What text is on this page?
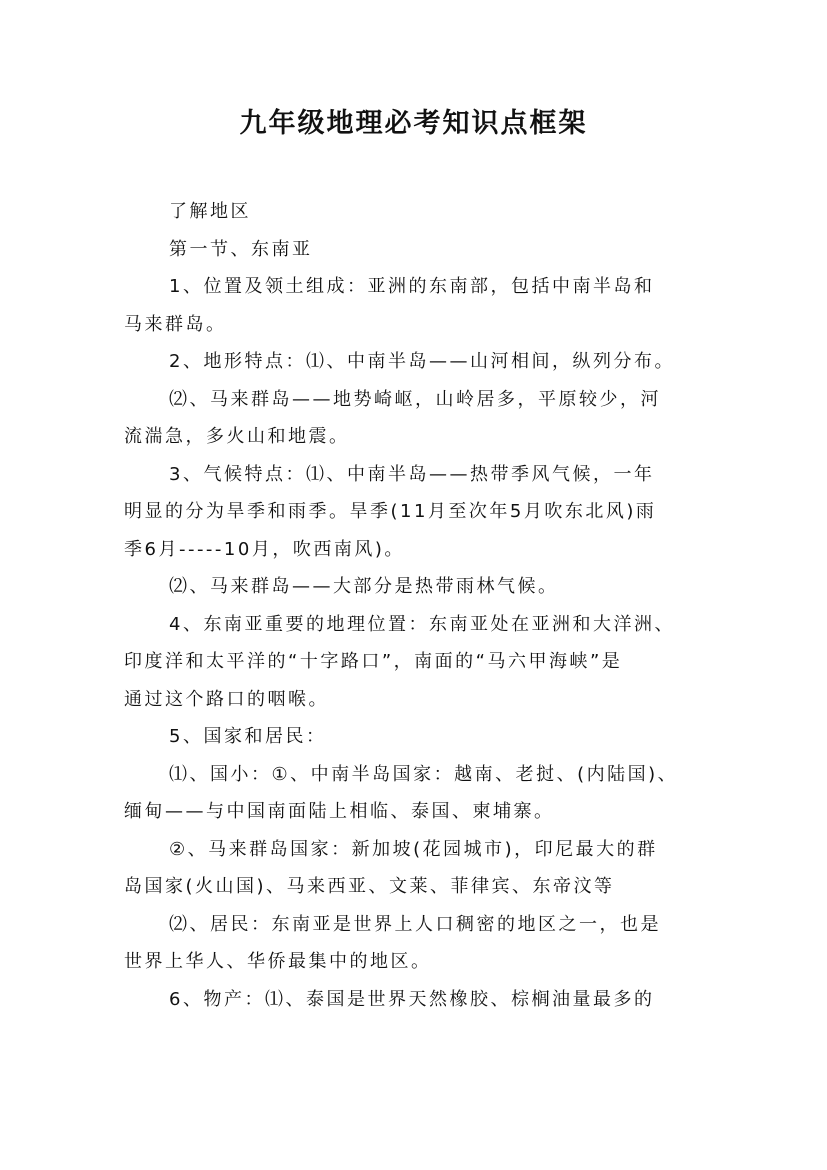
九年级地理必考知识点框架
了解地区
第一节、东南亚
1、位置及领土组成：亚洲的东南部，包括中南半岛和
马来群岛。
2、地形特点：⑴、中南半岛——山河相间，纵列分布。
⑵、马来群岛——地势崎岖，山岭居多，平原较少，河
流湍急，多火山和地震。
3、气候特点：⑴、中南半岛——热带季风气候，一年
明显的分为旱季和雨季。旱季(11月至次年5月吹东北风)雨
季6月-----10月，吹西南风)。
⑵、马来群岛——大部分是热带雨林气候。
4、东南亚重要的地理位置：东南亚处在亚洲和大洋洲、
印度洋和太平洋的“十字路口”，南面的“马六甲海峡”是
通过这个路口的咽喉。
5、国家和居民：
⑴、国小：①、中南半岛国家：越南、老挝、(内陆国)、
缅甸——与中国南面陆上相临、泰国、柬埔寨。
②、马来群岛国家：新加坡(花园城市)，印尼最大的群
岛国家(火山国)、马来西亚、文莱、菲律宾、东帝汶等
⑵、居民：东南亚是世界上人口稠密的地区之一，也是
世界上华人、华侨最集中的地区。
6、物产：⑴、泰国是世界天然橡胶、棕榈油量最多的
